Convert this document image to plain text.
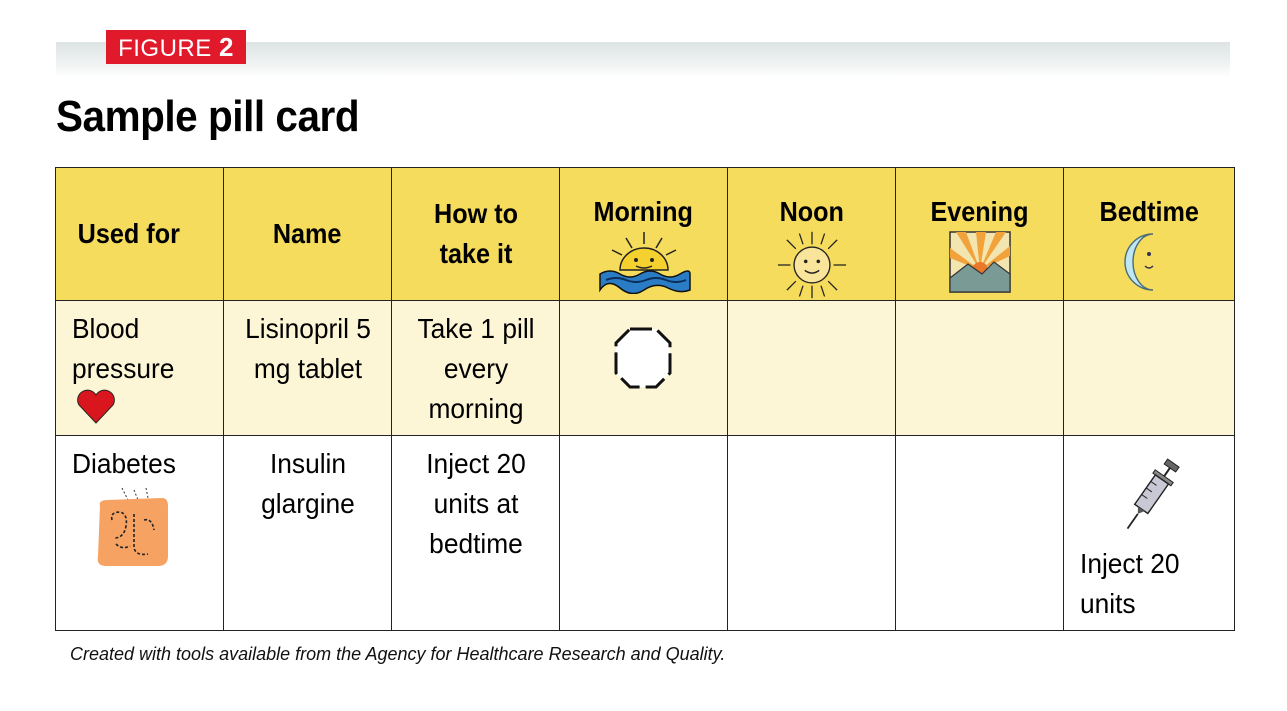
FIGURE 2
Sample pill card
Used for	Name	How to take it	Morning	Noon	Evening	Bedtime

Blood pressure	Lisinopril 5 mg tablet	Take 1 pill every morning

Diabetes	Insulin glargine	Inject 20 units at bedtime				Inject 20 units
Created with tools available from the Agency for Healthcare Research and Quality.
